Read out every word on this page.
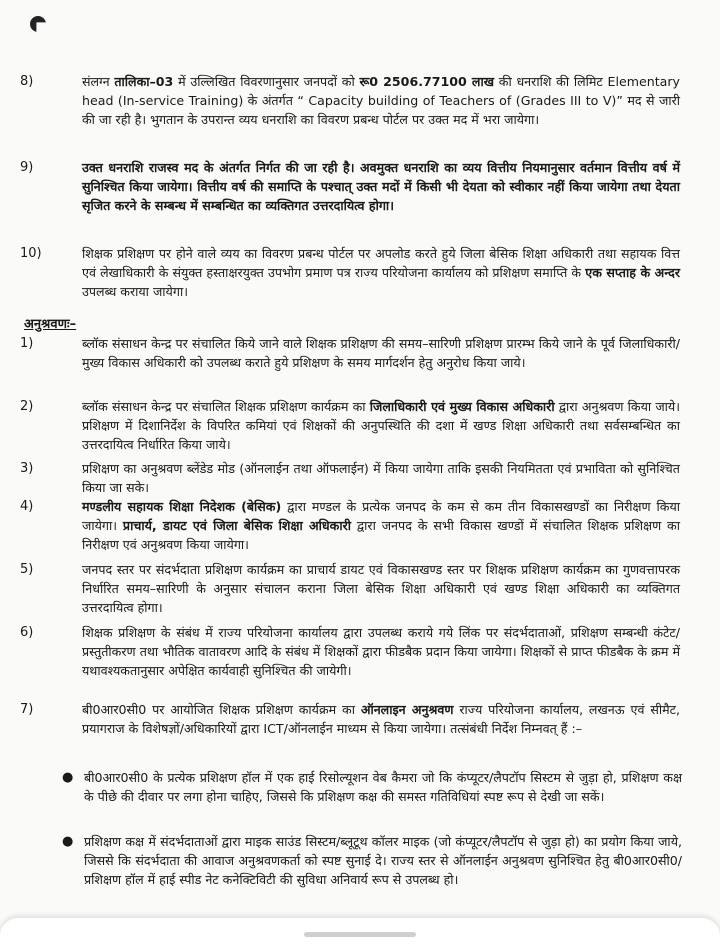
8)	संलग्न तालिका–03 में उल्लिखित विवरणानुसार जनपदों को रू0 2506.77100 लाख की धनराशि की लिमिट Elementary head (In-service Training) के अंतर्गत “ Capacity building of Teachers of (Grades III to V)” मद से जारी की जा रही है। भुगतान के उपरान्त व्यय धनराशि का विवरण प्रबन्ध पोर्टल पर उक्त मद में भरा जायेगा।
9)	उक्त धनराशि राजस्व मद के अंतर्गत निर्गत की जा रही है। अवमुक्त धनराशि का व्यय वित्तीय नियमानुसार वर्तमान वित्तीय वर्ष में सुनिश्चित किया जायेगा। वित्तीय वर्ष की समाप्ति के पश्चात् उक्त मदों में किसी भी देयता को स्वीकार नहीं किया जायेगा तथा देयता सृजित करने के सम्बन्ध में सम्बन्धित का व्यक्तिगत उत्तरदायित्व होगा।
10)	शिक्षक प्रशिक्षण पर होने वाले व्यय का विवरण प्रबन्ध पोर्टल पर अपलोड करते हुये जिला बेसिक शिक्षा अधिकारी तथा सहायक वित्त एवं लेखाधिकारी के संयुक्त हस्ताक्षरयुक्त उपभोग प्रमाण पत्र राज्य परियोजना कार्यालय को प्रशिक्षण समाप्ति के एक सप्ताह के अन्दर उपलब्ध कराया जायेगा।
अनुश्रवणः–
1)	ब्लॉक संसाधन केन्द्र पर संचालित किये जाने वाले शिक्षक प्रशिक्षण की समय–सारिणी प्रशिक्षण प्रारम्भ किये जाने के पूर्व जिलाधिकारी/मुख्य विकास अधिकारी को उपलब्ध कराते हुये प्रशिक्षण के समय मार्गदर्शन हेतु अनुरोध किया जाये।
2)	ब्लॉक संसाधन केन्द्र पर संचालित शिक्षक प्रशिक्षण कार्यक्रम का जिलाधिकारी एवं मुख्य विकास अधिकारी द्वारा अनुश्रवण किया जाये। प्रशिक्षण में दिशानिर्देश के विपरित कमियां एवं शिक्षकों की अनुपस्थिति की दशा में खण्ड शिक्षा अधिकारी तथा सर्वसम्बन्धित का उत्तरदायित्व निर्धारित किया जाये।
3)	प्रशिक्षण का अनुश्रवण ब्लेंडेड मोड (ऑनलाईन तथा ऑफलाईन) में किया जायेगा ताकि इसकी नियमितता एवं प्रभाविता को सुनिश्चित किया जा सके।
4)	मण्डलीय सहायक शिक्षा निदेशक (बेसिक) द्वारा मण्डल के प्रत्येक जनपद के कम से कम तीन विकासखण्डों का निरीक्षण किया जायेगा। प्राचार्य, डायट एवं जिला बेसिक शिक्षा अधिकारी द्वारा जनपद के सभी विकास खण्डों में संचालित शिक्षक प्रशिक्षण का निरीक्षण एवं अनुश्रवण किया जायेगा।
5)	जनपद स्तर पर संदर्भदाता प्रशिक्षण कार्यक्रम का प्राचार्य डायट एवं विकासखण्ड स्तर पर शिक्षक प्रशिक्षण कार्यक्रम का गुणवत्तापरक निर्धारित समय–सारिणी के अनुसार संचालन कराना जिला बेसिक शिक्षा अधिकारी एवं खण्ड शिक्षा अधिकारी का व्यक्तिगत उत्तरदायित्व होगा।
6)	शिक्षक प्रशिक्षण के संबंध में राज्य परियोजना कार्यालय द्वारा उपलब्ध कराये गये लिंक पर संदर्भदाताओं, प्रशिक्षण सम्बन्धी कंटेट/प्रस्तुतीकरण तथा भौतिक वातावरण आदि के संबंध में शिक्षकों द्वारा फीडबैक प्रदान किया जायेगा। शिक्षकों से प्राप्त फीडबैक के क्रम में यथावश्यकतानुसार अपेक्षित कार्यवाही सुनिश्चित की जायेगी।
7)	बी0आर0सी0 पर आयोजित शिक्षक प्रशिक्षण कार्यक्रम का ऑनलाइन अनुश्रवण राज्य परियोजना कार्यालय, लखनऊ एवं सीमैट, प्रयागराज के विशेषज्ञों/अधिकारियों द्वारा ICT/ऑनलाईन माध्यम से किया जायेगा। तत्संबंधी निर्देश निम्नवत् हैं :–
● बी0आर0सी0 के प्रत्येक प्रशिक्षण हॉल में एक हाई रिसोल्यूशन वेब कैमरा जो कि कंप्यूटर/लैपटॉप सिस्टम से जुड़ा हो, प्रशिक्षण कक्ष के पीछे की दीवार पर लगा होना चाहिए, जिससे कि प्रशिक्षण कक्ष की समस्त गतिविधियां स्पष्ट रूप से देखी जा सकें।
● प्रशिक्षण कक्ष में संदर्भदाताओं द्वारा माइक साउंड सिस्टम/ब्लूटूथ कॉलर माइक (जो कंप्यूटर/लैपटॉप से जुड़ा हो) का प्रयोग किया जाये, जिससे कि संदर्भदाता की आवाज अनुश्रवणकर्ता को स्पष्ट सुनाई दे। राज्य स्तर से ऑनलाईन अनुश्रवण सुनिश्चित हेतु बी0आर0सी0/प्रशिक्षण हॉल में हाई स्पीड नेट कनेक्टिविटी की सुविधा अनिवार्य रूप से उपलब्ध हो।
